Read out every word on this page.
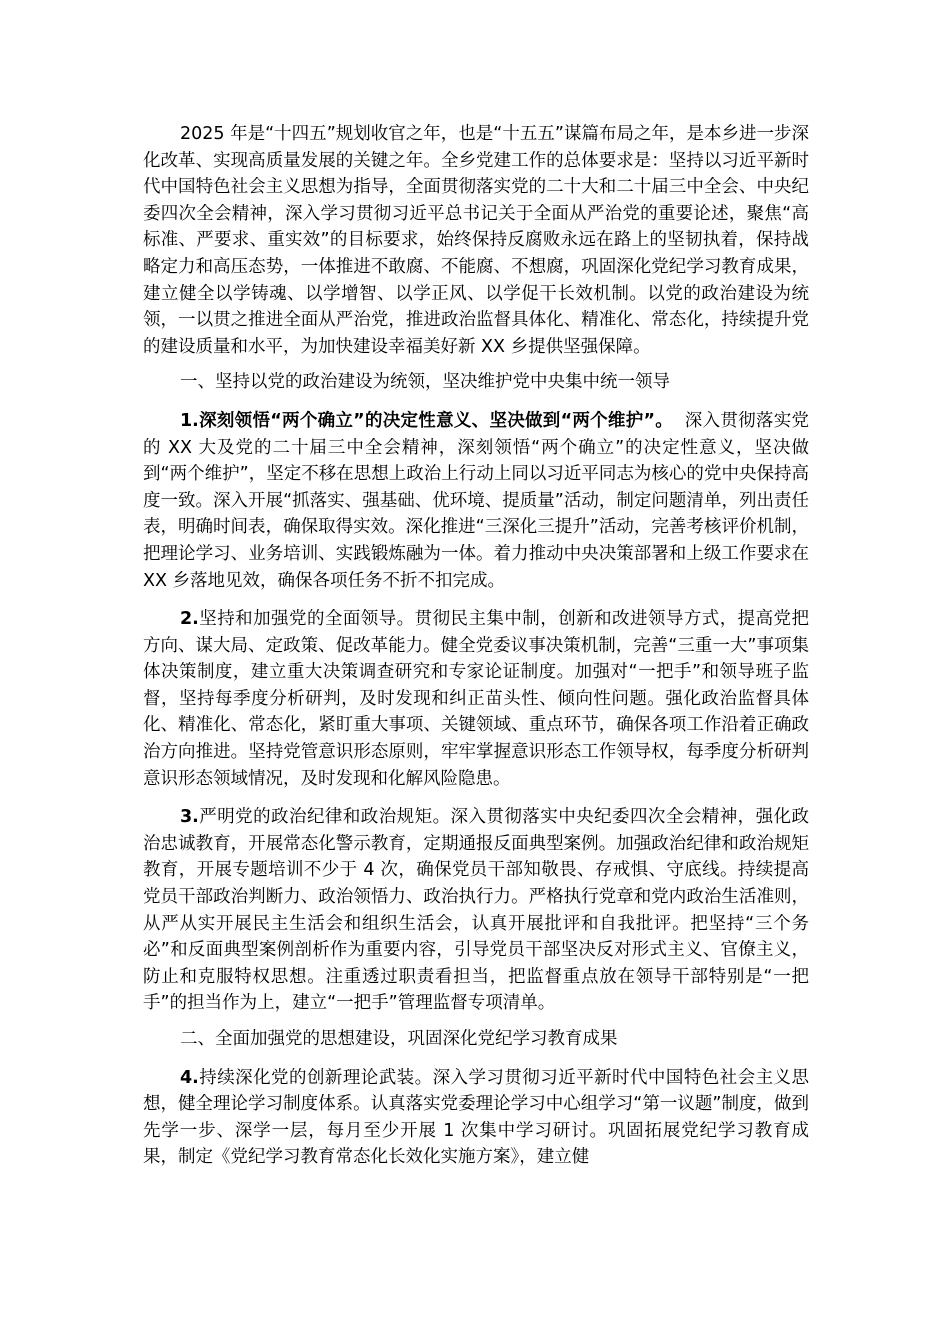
2025 年是“十四五”规划收官之年，也是“十五五”谋篇布局之年，是本乡进一步深化改革、实现高质量发展的关键之年。全乡党建工作的总体要求是：坚持以习近平新时代中国特色社会主义思想为指导，全面贯彻落实党的二十大和二十届三中全会、中央纪委四次全会精神，深入学习贯彻习近平总书记关于全面从严治党的重要论述，聚焦“高标准、严要求、重实效”的目标要求，始终保持反腐败永远在路上的坚韧执着，保持战略定力和高压态势，一体推进不敢腐、不能腐、不想腐，巩固深化党纪学习教育成果，建立健全以学铸魂、以学增智、以学正风、以学促干长效机制。以党的政治建设为统领，一以贯之推进全面从严治党，推进政治监督具体化、精准化、常态化，持续提升党的建设质量和水平，为加快建设幸福美好新 XX 乡提供坚强保障。

一、坚持以党的政治建设为统领，坚决维护党中央集中统一领导

1.深刻领悟“两个确立”的决定性意义、坚决做到“两个维护”。 深入贯彻落实党的 XX 大及党的二十届三中全会精神，深刻领悟“两个确立”的决定性意义，坚决做到“两个维护”，坚定不移在思想上政治上行动上同以习近平同志为核心的党中央保持高度一致。深入开展“抓落实、强基础、优环境、提质量”活动，制定问题清单，列出责任表，明确时间表，确保取得实效。深化推进“三深化三提升”活动，完善考核评价机制，把理论学习、业务培训、实践锻炼融为一体。着力推动中央决策部署和上级工作要求在 XX 乡落地见效，确保各项任务不折不扣完成。

2.坚持和加强党的全面领导。贯彻民主集中制，创新和改进领导方式，提高党把方向、谋大局、定政策、促改革能力。健全党委议事决策机制，完善“三重一大”事项集体决策制度，建立重大决策调查研究和专家论证制度。加强对“一把手”和领导班子监督，坚持每季度分析研判，及时发现和纠正苗头性、倾向性问题。强化政治监督具体化、精准化、常态化，紧盯重大事项、关键领域、重点环节，确保各项工作沿着正确政治方向推进。坚持党管意识形态原则，牢牢掌握意识形态工作领导权，每季度分析研判意识形态领域情况，及时发现和化解风险隐患。

3.严明党的政治纪律和政治规矩。深入贯彻落实中央纪委四次全会精神，强化政治忠诚教育，开展常态化警示教育，定期通报反面典型案例。加强政治纪律和政治规矩教育，开展专题培训不少于 4 次，确保党员干部知敬畏、存戒惧、守底线。持续提高党员干部政治判断力、政治领悟力、政治执行力。严格执行党章和党内政治生活准则，从严从实开展民主生活会和组织生活会，认真开展批评和自我批评。把坚持“三个务必”和反面典型案例剖析作为重要内容，引导党员干部坚决反对形式主义、官僚主义，防止和克服特权思想。注重透过职责看担当，把监督重点放在领导干部特别是“一把手”的担当作为上，建立“一把手”管理监督专项清单。

二、全面加强党的思想建设，巩固深化党纪学习教育成果

4.持续深化党的创新理论武装。深入学习贯彻习近平新时代中国特色社会主义思想，健全理论学习制度体系。认真落实党委理论学习中心组学习“第一议题”制度，做到先学一步、深学一层，每月至少开展 1 次集中学习研讨。巩固拓展党纪学习教育成果，制定《党纪学习教育常态化长效化实施方案》，建立健
